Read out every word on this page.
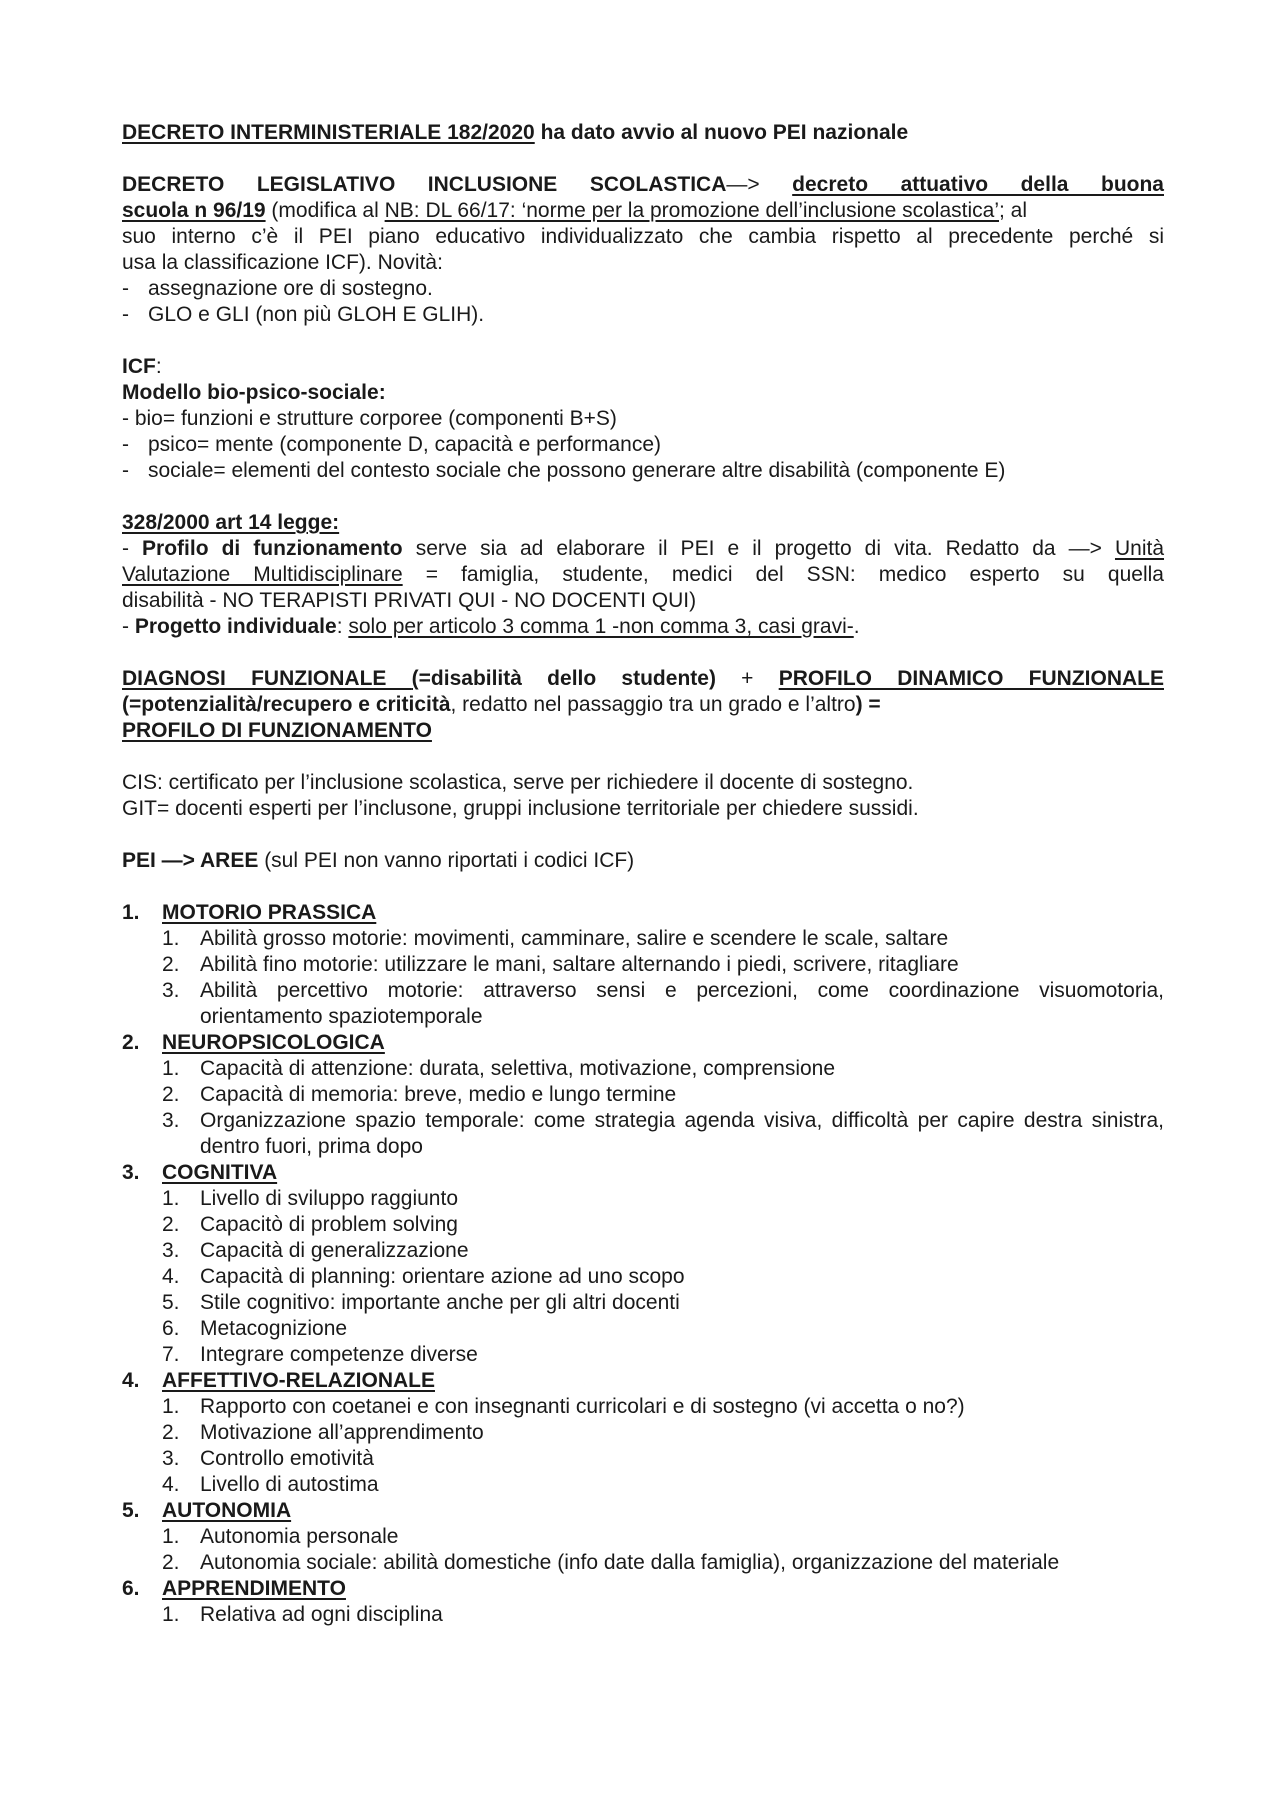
DECRETO INTERMINISTERIALE 182/2020 ha dato avvio al nuovo PEI nazionale

DECRETO LEGISLATIVO INCLUSIONE SCOLASTICA—> decreto attuativo della buona

scuola n 96/19 (modifica al NB: DL 66/17: ‘norme per la promozione dell’inclusione scolastica’; al

suo interno c’è il PEI piano educativo individualizzato che cambia rispetto al precedente perché si

usa la classificazione ICF). Novità:

- assegnazione ore di sostegno.
- GLO e GLI (non più GLOH E GLIH).

ICF:

Modello bio-psico-sociale:

- bio= funzioni e strutture corporee (componenti B+S)

- psico= mente (componente D, capacità e performance)
- sociale= elementi del contesto sociale che possono generare altre disabilità (componente E)

328/2000 art 14 legge:

- Profilo di funzionamento serve sia ad elaborare il PEI e il progetto di vita. Redatto da —> Unità

Valutazione Multidisciplinare = famiglia, studente, medici del SSN: medico esperto su quella

disabilità - NO TERAPISTI PRIVATI QUI - NO DOCENTI QUI)

- Progetto individuale: solo per articolo 3 comma 1 -non comma 3, casi gravi-.

DIAGNOSI FUNZIONALE (=disabilità dello studente) + PROFILO DINAMICO FUNZIONALE

(=potenzialità/recupero e criticità, redatto nel passaggio tra un grado e l’altro) =

PROFILO DI FUNZIONAMENTO

CIS: certificato per l’inclusione scolastica, serve per richiedere il docente di sostegno.

GIT= docenti esperti per l’inclusone, gruppi inclusione territoriale per chiedere sussidi.

PEI —> AREE (sul PEI non vanno riportati i codici ICF)

1.	MOTORIO PRASSICA
1. Abilità grosso motorie: movimenti, camminare, salire e scendere le scale, saltare
2. Abilità fino motorie: utilizzare le mani, saltare alternando i piedi, scrivere, ritagliare
3. Abilità percettivo motorie: attraverso sensi e percezioni, come coordinazione visuomotoria, orientamento spaziotemporale
2.	NEUROPSICOLOGICA
1. Capacità di attenzione: durata, selettiva, motivazione, comprensione
2. Capacità di memoria: breve, medio e lungo termine
3. Organizzazione spazio temporale: come strategia agenda visiva, difficoltà per capire destra sinistra, dentro fuori, prima dopo
3.	COGNITIVA
1. Livello di sviluppo raggiunto
2. Capacitò di problem solving
3. Capacità di generalizzazione
4. Capacità di planning: orientare azione ad uno scopo
5. Stile cognitivo: importante anche per gli altri docenti
6. Metacognizione
7. Integrare competenze diverse
4.	AFFETTIVO-RELAZIONALE
1. Rapporto con coetanei e con insegnanti curricolari e di sostegno (vi accetta o no?)
2. Motivazione all’apprendimento
3. Controllo emotività
4. Livello di autostima
5.	AUTONOMIA
1. Autonomia personale
2. Autonomia sociale: abilità domestiche (info date dalla famiglia), organizzazione del materiale
6.	APPRENDIMENTO
1. Relativa ad ogni disciplina
